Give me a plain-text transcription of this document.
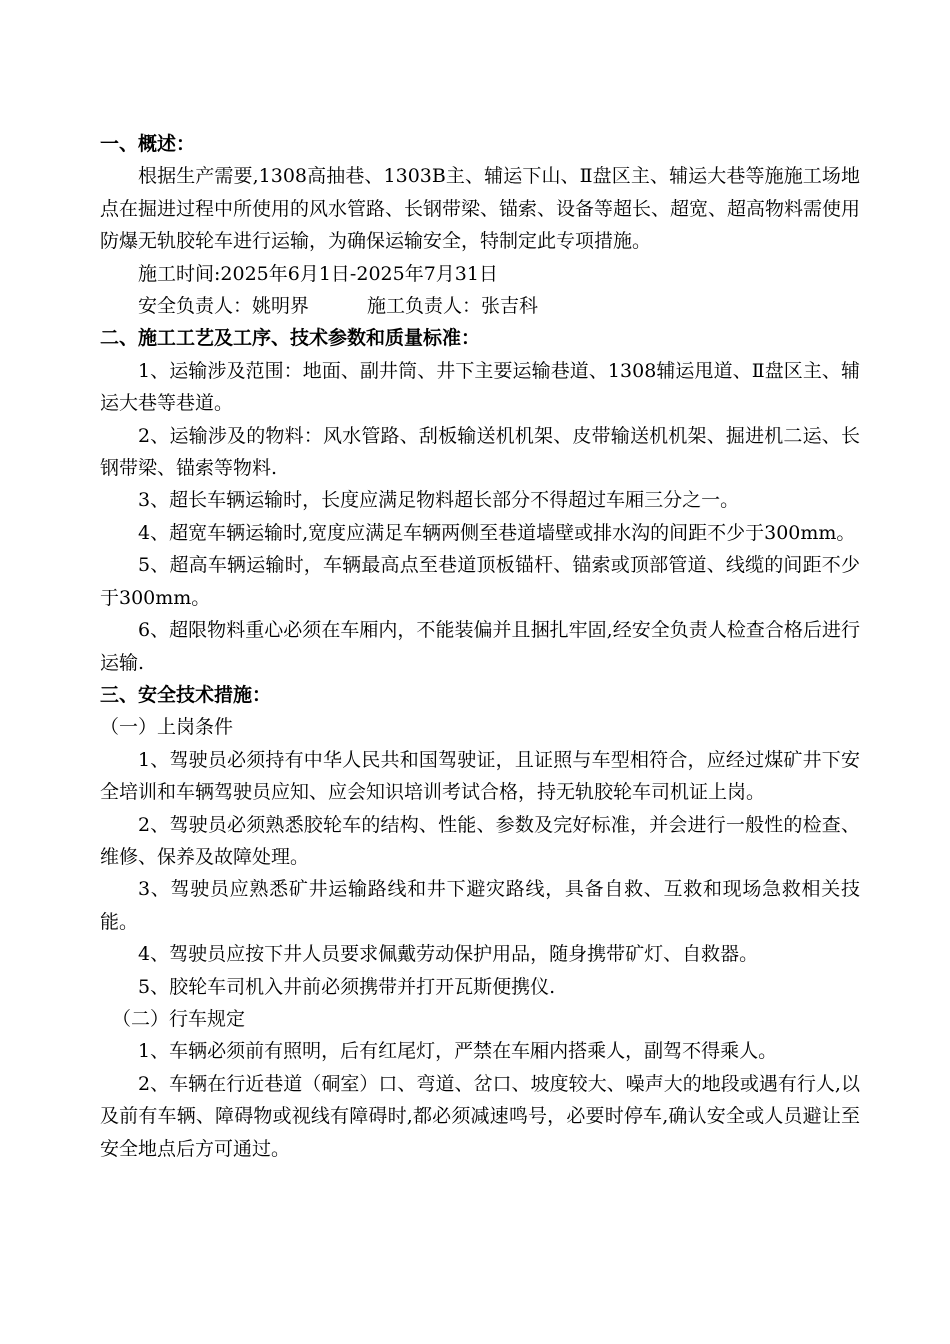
一、概述：

根据生产需要,1308高抽巷、1303B主、辅运下山、Ⅱ盘区主、辅运大巷等施施工场地点在掘进过程中所使用的风水管路、长钢带梁、锚索、设备等超长、超宽、超高物料需使用防爆无轨胶轮车进行运输，为确保运输安全，特制定此专项措施。

施工时间:2025年6月1日-2025年7月31日

安全负责人：姚明界	施工负责人：张吉科

二、施工工艺及工序、技术参数和质量标准：

1、运输涉及范围：地面、副井筒、井下主要运输巷道、1308辅运甩道、Ⅱ盘区主、辅运大巷等巷道。

2、运输涉及的物料：风水管路、刮板输送机机架、皮带输送机机架、掘进机二运、长钢带梁、锚索等物料.

3、超长车辆运输时，长度应满足物料超长部分不得超过车厢三分之一。

4、超宽车辆运输时,宽度应满足车辆两侧至巷道墙壁或排水沟的间距不少于300mm。

5、超高车辆运输时，车辆最高点至巷道顶板锚杆、锚索或顶部管道、线缆的间距不少于300mm。

6、超限物料重心必须在车厢内，不能装偏并且捆扎牢固,经安全负责人检查合格后进行运输.

三、安全技术措施：

（一）上岗条件

1、驾驶员必须持有中华人民共和国驾驶证，且证照与车型相符合，应经过煤矿井下安全培训和车辆驾驶员应知、应会知识培训考试合格，持无轨胶轮车司机证上岗。

2、驾驶员必须熟悉胶轮车的结构、性能、参数及完好标准，并会进行一般性的检查、维修、保养及故障处理。

3、驾驶员应熟悉矿井运输路线和井下避灾路线，具备自救、互救和现场急救相关技能。

4、驾驶员应按下井人员要求佩戴劳动保护用品，随身携带矿灯、自救器。

5、胶轮车司机入井前必须携带并打开瓦斯便携仪.

（二）行车规定

1、车辆必须前有照明，后有红尾灯，严禁在车厢内搭乘人，副驾不得乘人。

2、车辆在行近巷道（硐室）口、弯道、岔口、坡度较大、噪声大的地段或遇有行人,以及前有车辆、障碍物或视线有障碍时,都必须减速鸣号，必要时停车,确认安全或人员避让至安全地点后方可通过。
